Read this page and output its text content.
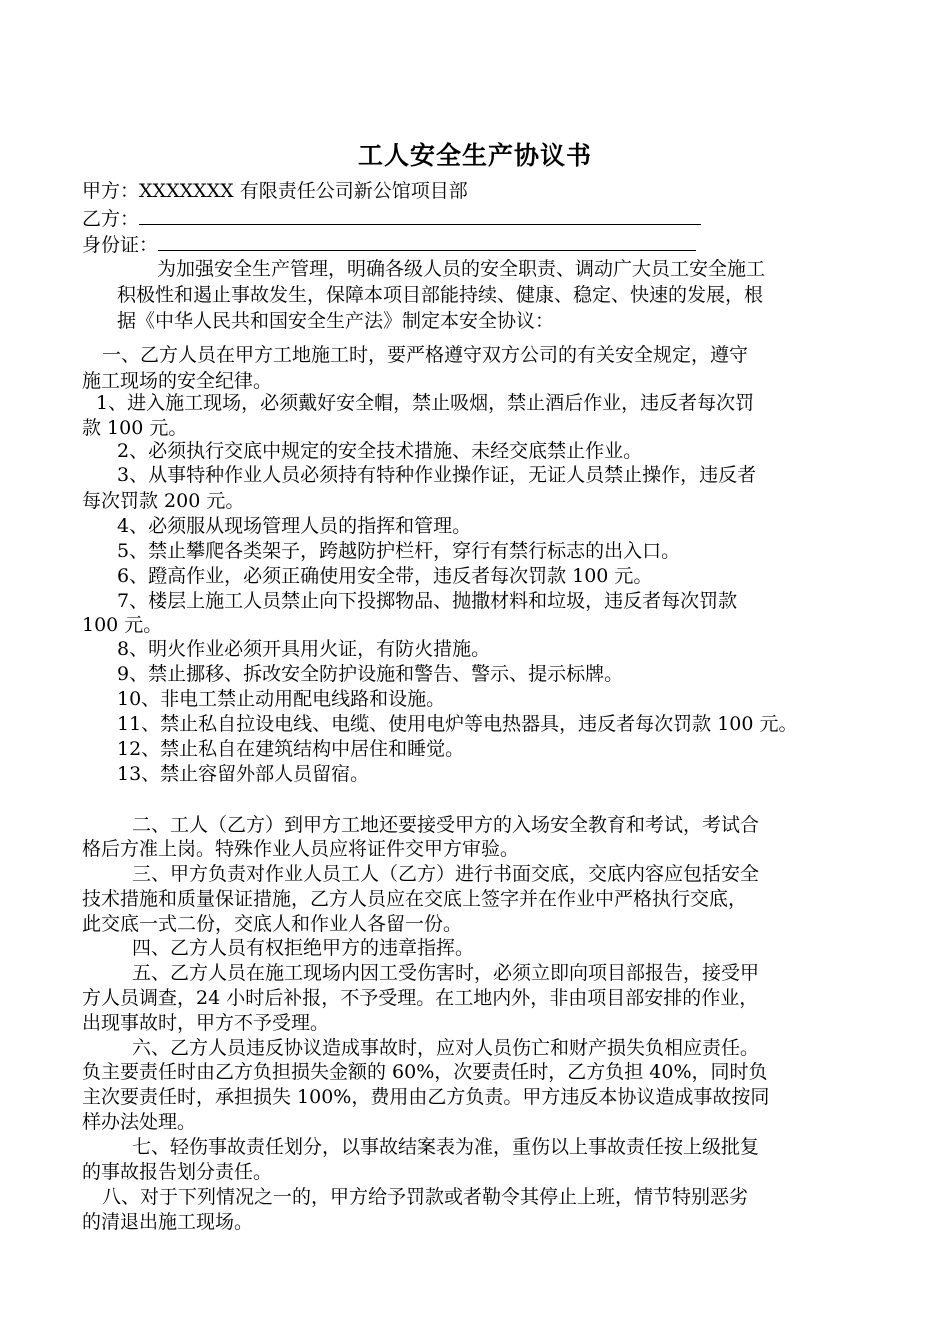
工人安全生产协议书
甲方：XXXXXXX 有限责任公司新公馆项目部
乙方：
身份证：
为加强安全生产管理，明确各级人员的安全职责、调动广大员工安全施工
积极性和遏止事故发生，保障本项目部能持续、健康、稳定、快速的发展，根
据《中华人民共和国安全生产法》制定本安全协议：
一、乙方人员在甲方工地施工时，要严格遵守双方公司的有关安全规定，遵守
施工现场的安全纪律。
1、进入施工现场，必须戴好安全帽，禁止吸烟，禁止酒后作业，违反者每次罚
款 100 元。
2、必须执行交底中规定的安全技术措施、未经交底禁止作业。
3、从事特种作业人员必须持有特种作业操作证，无证人员禁止操作，违反者
每次罚款 200 元。
4、必须服从现场管理人员的指挥和管理。
5、禁止攀爬各类架子，跨越防护栏杆，穿行有禁行标志的出入口。
6、蹬高作业，必须正确使用安全带，违反者每次罚款 100 元。
7、楼层上施工人员禁止向下投掷物品、抛撒材料和垃圾，违反者每次罚款
100 元。
8、明火作业必须开具用火证，有防火措施。
9、禁止挪移、拆改安全防护设施和警告、警示、提示标牌。
10、非电工禁止动用配电线路和设施。
11、禁止私自拉设电线、电缆、使用电炉等电热器具，违反者每次罚款 100 元。
12、禁止私自在建筑结构中居住和睡觉。
13、禁止容留外部人员留宿。
二、工人（乙方）到甲方工地还要接受甲方的入场安全教育和考试，考试合
格后方准上岗。特殊作业人员应将证件交甲方审验。
三、甲方负责对作业人员工人（乙方）进行书面交底，交底内容应包括安全
技术措施和质量保证措施，乙方人员应在交底上签字并在作业中严格执行交底，
此交底一式二份，交底人和作业人各留一份。
四、乙方人员有权拒绝甲方的违章指挥。
五、乙方人员在施工现场内因工受伤害时，必须立即向项目部报告，接受甲
方人员调查，24 小时后补报，不予受理。在工地内外，非由项目部安排的作业，
出现事故时，甲方不予受理。
六、乙方人员违反协议造成事故时，应对人员伤亡和财产损失负相应责任。
负主要责任时由乙方负担损失金额的 60%，次要责任时，乙方负担 40%，同时负
主次要责任时，承担损失 100%，费用由乙方负责。甲方违反本协议造成事故按同
样办法处理。
七、轻伤事故责任划分，以事故结案表为准，重伤以上事故责任按上级批复
的事故报告划分责任。
八、对于下列情况之一的，甲方给予罚款或者勒令其停止上班，情节特别恶劣
的清退出施工现场。
